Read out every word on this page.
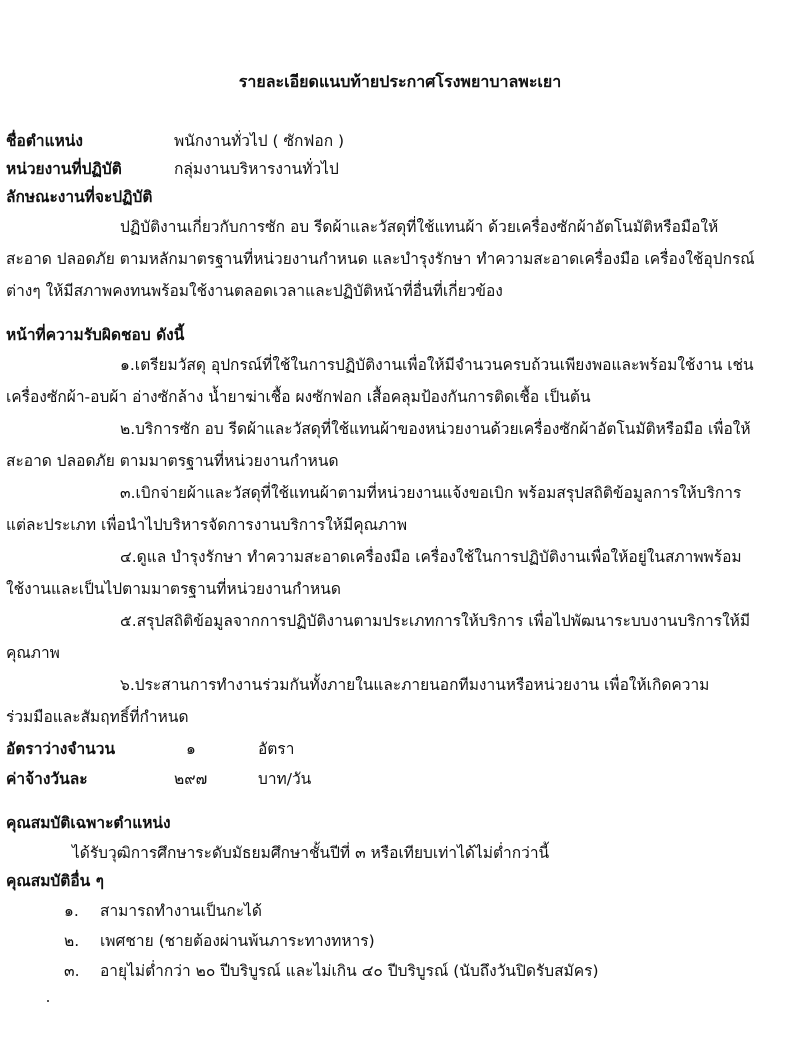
รายละเอียดแนบท้ายประกาศโรงพยาบาลพะเยา
ชื่อตำแหน่ง	พนักงานทั่วไป ( ซักฟอก )
หน่วยงานที่ปฏิบัติ	กลุ่มงานบริหารงานทั่วไป
ลักษณะงานที่จะปฏิบัติ
ปฏิบัติงานเกี่ยวกับการซัก อบ รีดผ้าและวัสดุที่ใช้แทนผ้า ด้วยเครื่องซักผ้าอัตโนมัติหรือมือให้
สะอาด ปลอดภัย ตามหลักมาตรฐานที่หน่วยงานกำหนด และบำรุงรักษา ทำความสะอาดเครื่องมือ เครื่องใช้อุปกรณ์
ต่างๆ ให้มีสภาพคงทนพร้อมใช้งานตลอดเวลาและปฏิบัติหน้าที่อื่นที่เกี่ยวข้อง
หน้าที่ความรับผิดชอบ ดังนี้
๑.เตรียมวัสดุ อุปกรณ์ที่ใช้ในการปฏิบัติงานเพื่อให้มีจำนวนครบถ้วนเพียงพอและพร้อมใช้งาน เช่น
เครื่องซักผ้า-อบผ้า อ่างซักล้าง น้ำยาฆ่าเชื้อ ผงซักฟอก เสื้อคลุมป้องกันการติดเชื้อ เป็นต้น
๒.บริการซัก อบ รีดผ้าและวัสดุที่ใช้แทนผ้าของหน่วยงานด้วยเครื่องซักผ้าอัตโนมัติหรือมือ เพื่อให้
สะอาด ปลอดภัย ตามมาตรฐานที่หน่วยงานกำหนด
๓.เบิกจ่ายผ้าและวัสดุที่ใช้แทนผ้าตามที่หน่วยงานแจ้งขอเบิก พร้อมสรุปสถิติข้อมูลการให้บริการ
แต่ละประเภท เพื่อนำไปบริหารจัดการงานบริการให้มีคุณภาพ
๔.ดูแล บำรุงรักษา ทำความสะอาดเครื่องมือ เครื่องใช้ในการปฏิบัติงานเพื่อให้อยู่ในสภาพพร้อม
ใช้งานและเป็นไปตามมาตรฐานที่หน่วยงานกำหนด
๕.สรุปสถิติข้อมูลจากการปฏิบัติงานตามประเภทการให้บริการ เพื่อไปพัฒนาระบบงานบริการให้มี
คุณภาพ
๖.ประสานการทำงานร่วมกันทั้งภายในและภายนอกทีมงานหรือหน่วยงาน เพื่อให้เกิดความ
ร่วมมือและสัมฤทธิ์ที่กำหนด
อัตราว่างจำนวน	๑	อัตรา
ค่าจ้างวันละ	๒๙๗	บาท/วัน
คุณสมบัติเฉพาะตำแหน่ง
ได้รับวุฒิการศึกษาระดับมัธยมศึกษาชั้นปีที่ ๓ หรือเทียบเท่าได้ไม่ต่ำกว่านี้
คุณสมบัติอื่น ๆ
๑. สามารถทำงานเป็นกะได้
๒. เพศชาย (ชายต้องผ่านพ้นภาระทางทหาร)
๓. อายุไม่ต่ำกว่า ๒๐ ปีบริบูรณ์ และไม่เกิน ๔๐ ปีบริบูรณ์ (นับถึงวันปิดรับสมัคร)
